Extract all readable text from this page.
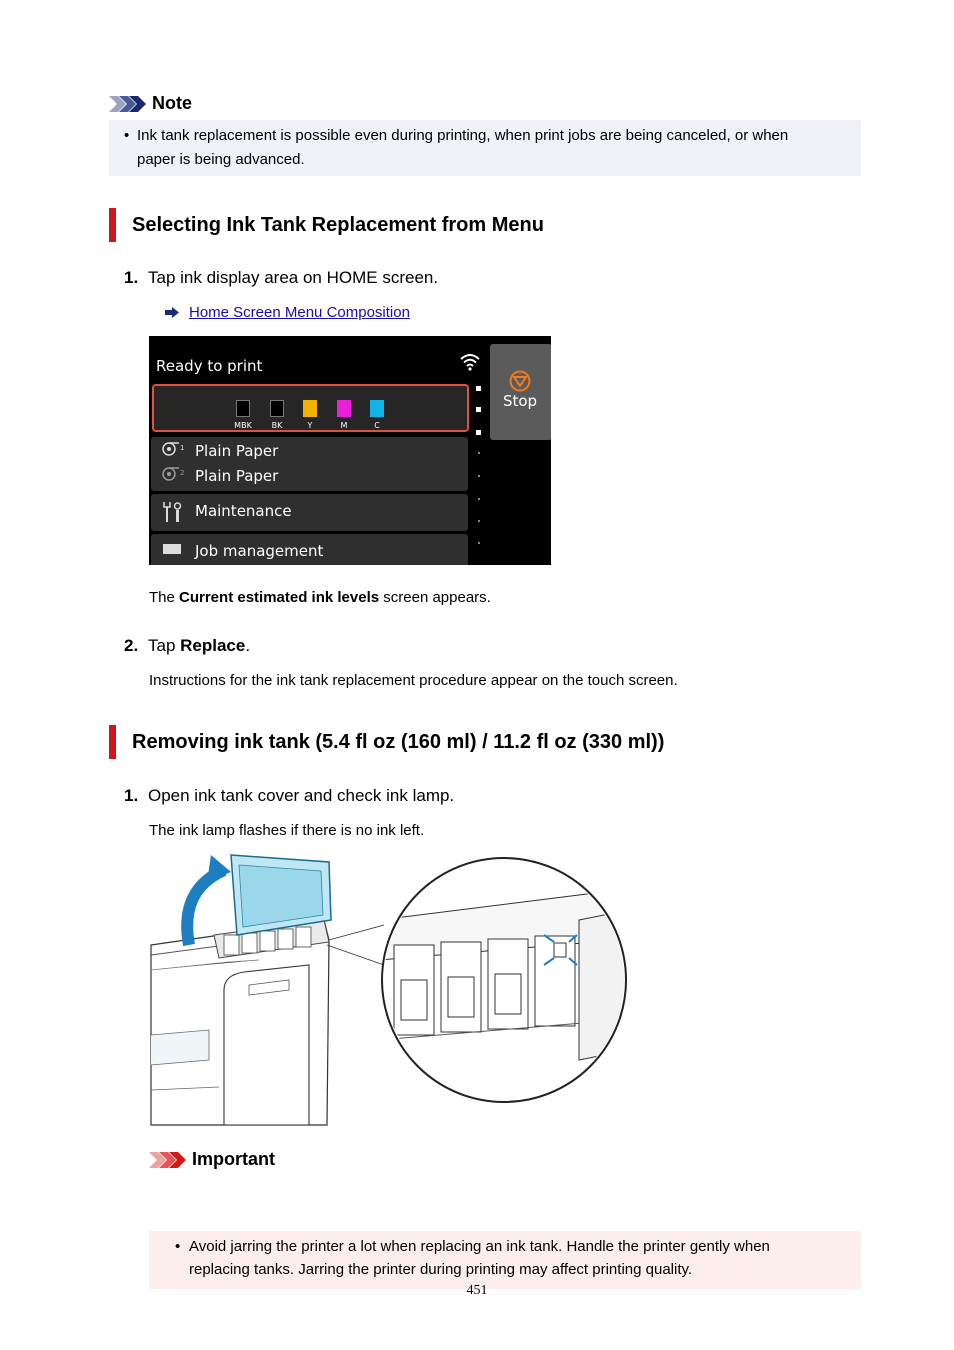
Note
• Ink tank replacement is possible even during printing, when print jobs are being canceled, or when
paper is being advanced.
Selecting Ink Tank Replacement from Menu
1. Tap ink display area on HOME screen.
Home Screen Menu Composition
Ready to print
MBK	BK	Y	M	C
1 Plain Paper
2 Plain Paper
Maintenance
Job management
Stop
The Current estimated ink levels screen appears.
2. Tap Replace.
Instructions for the ink tank replacement procedure appear on the touch screen.
Removing ink tank (5.4 fl oz (160 ml) / 11.2 fl oz (330 ml))
1. Open ink tank cover and check ink lamp.
The ink lamp flashes if there is no ink left.
Important
• Avoid jarring the printer a lot when replacing an ink tank. Handle the printer gently when
replacing tanks. Jarring the printer during printing may affect printing quality.
451
